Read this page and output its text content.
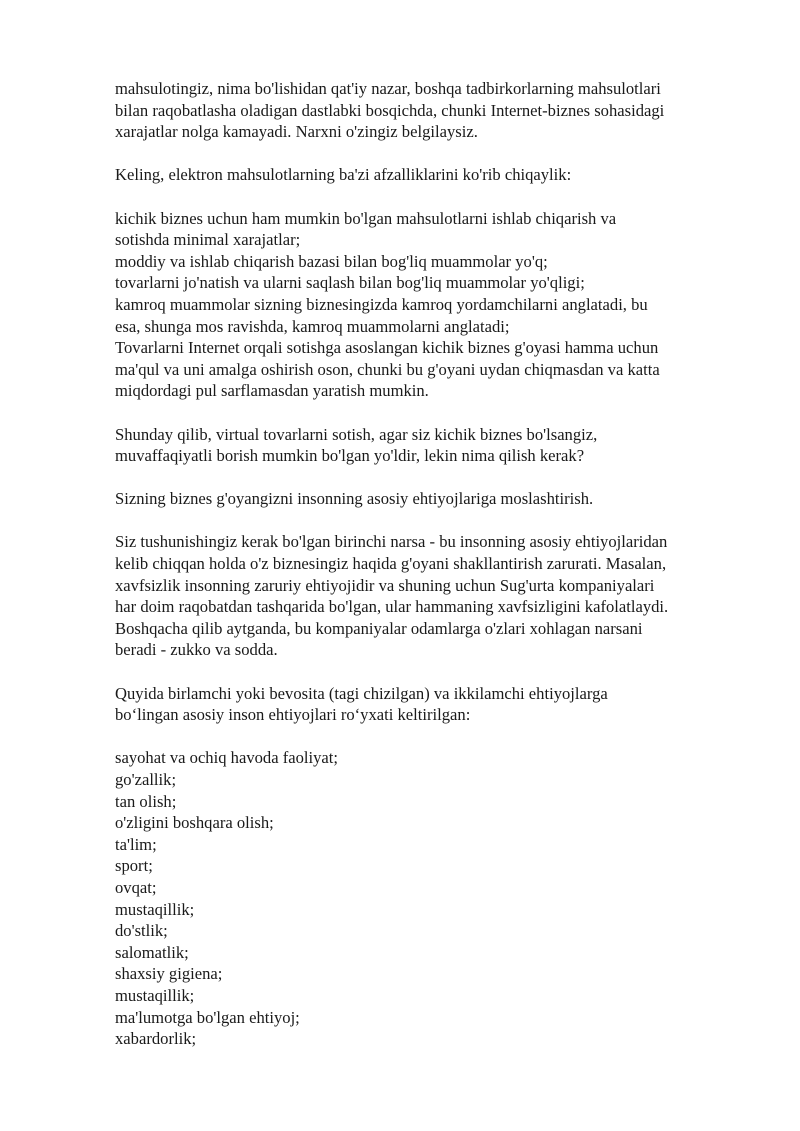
mahsulotingiz, nima bo'lishidan qat'iy nazar, boshqa tadbirkorlarning mahsulotlari
bilan raqobatlasha oladigan dastlabki bosqichda, chunki Internet-biznes sohasidagi
xarajatlar nolga kamayadi. Narxni o'zingiz belgilaysiz.

Keling, elektron mahsulotlarning ba'zi afzalliklarini ko'rib chiqaylik:

kichik biznes uchun ham mumkin bo'lgan mahsulotlarni ishlab chiqarish va
sotishda minimal xarajatlar;
moddiy va ishlab chiqarish bazasi bilan bog'liq muammolar yo'q;
tovarlarni jo'natish va ularni saqlash bilan bog'liq muammolar yo'qligi;
kamroq muammolar sizning biznesingizda kamroq yordamchilarni anglatadi, bu
esa, shunga mos ravishda, kamroq muammolarni anglatadi;
Tovarlarni Internet orqali sotishga asoslangan kichik biznes g'oyasi hamma uchun
ma'qul va uni amalga oshirish oson, chunki bu g'oyani uydan chiqmasdan va katta
miqdordagi pul sarflamasdan yaratish mumkin.

Shunday qilib, virtual tovarlarni sotish, agar siz kichik biznes bo'lsangiz,
muvaffaqiyatli borish mumkin bo'lgan yo'ldir, lekin nima qilish kerak?

Sizning biznes g'oyangizni insonning asosiy ehtiyojlariga moslashtirish.

Siz tushunishingiz kerak bo'lgan birinchi narsa - bu insonning asosiy ehtiyojlaridan
kelib chiqqan holda o'z biznesingiz haqida g'oyani shakllantirish zarurati. Masalan,
xavfsizlik insonning zaruriy ehtiyojidir va shuning uchun Sug'urta kompaniyalari
har doim raqobatdan tashqarida bo'lgan, ular hammaning xavfsizligini kafolatlaydi.
Boshqacha qilib aytganda, bu kompaniyalar odamlarga o'zlari xohlagan narsani
beradi - zukko va sodda.

Quyida birlamchi yoki bevosita (tagi chizilgan) va ikkilamchi ehtiyojlarga
bo‘lingan asosiy inson ehtiyojlari ro‘yxati keltirilgan:

sayohat va ochiq havoda faoliyat;
go'zallik;
tan olish;
o'zligini boshqara olish;
ta'lim;
sport;
ovqat;
mustaqillik;
do'stlik;
salomatlik;
shaxsiy gigiena;
mustaqillik;
ma'lumotga bo'lgan ehtiyoj;
xabardorlik;
